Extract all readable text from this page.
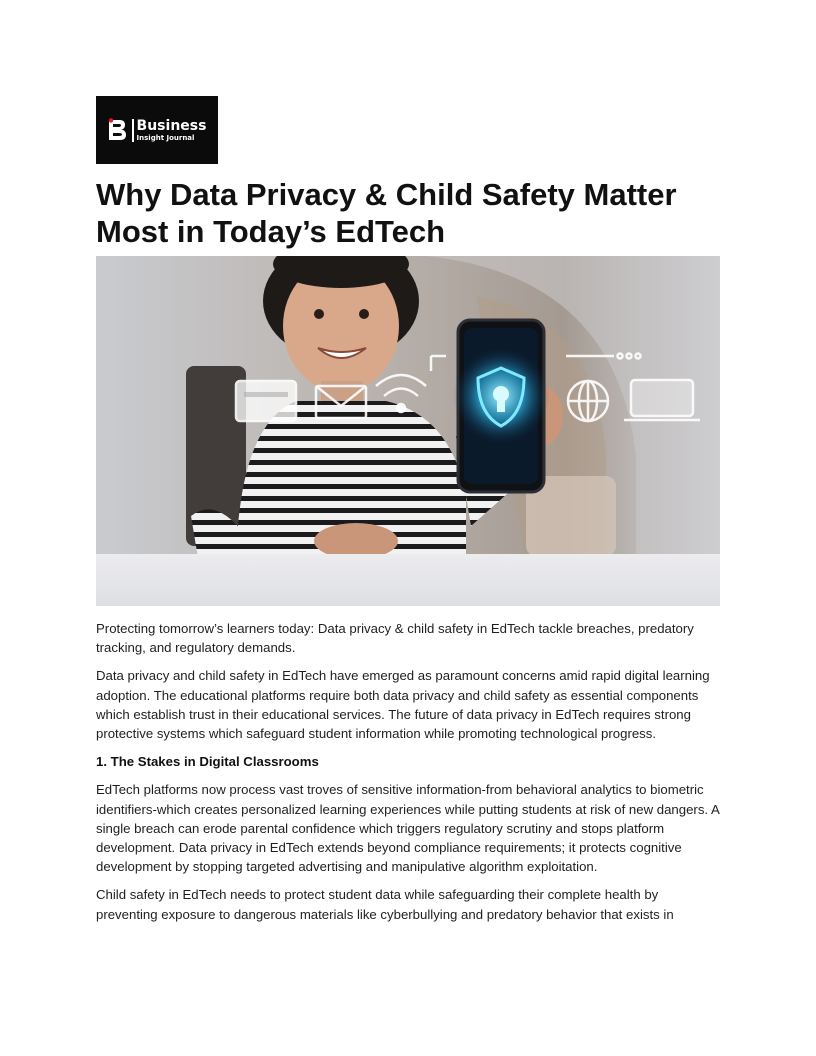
Business
Insight Journal
Why Data Privacy & Child Safety Matter Most in Today’s EdTech

Protecting tomorrow’s learners today: Data privacy & child safety in EdTech tackle breaches, predatory tracking, and regulatory demands.

Data privacy and child safety in EdTech have emerged as paramount concerns amid rapid digital learning adoption. The educational platforms require both data privacy and child safety as essential components which establish trust in their educational services. The future of data privacy in EdTech requires strong protective systems which safeguard student information while promoting technological progress.

1. The Stakes in Digital Classrooms

EdTech platforms now process vast troves of sensitive information-from behavioral analytics to biometric identifiers-which creates personalized learning experiences while putting students at risk of new dangers. A single breach can erode parental confidence which triggers regulatory scrutiny and stops platform development. Data privacy in EdTech extends beyond compliance requirements; it protects cognitive development by stopping targeted advertising and manipulative algorithm exploitation.

Child safety in EdTech needs to protect student data while safeguarding their complete health by preventing exposure to dangerous materials like cyberbullying and predatory behavior that exists in
